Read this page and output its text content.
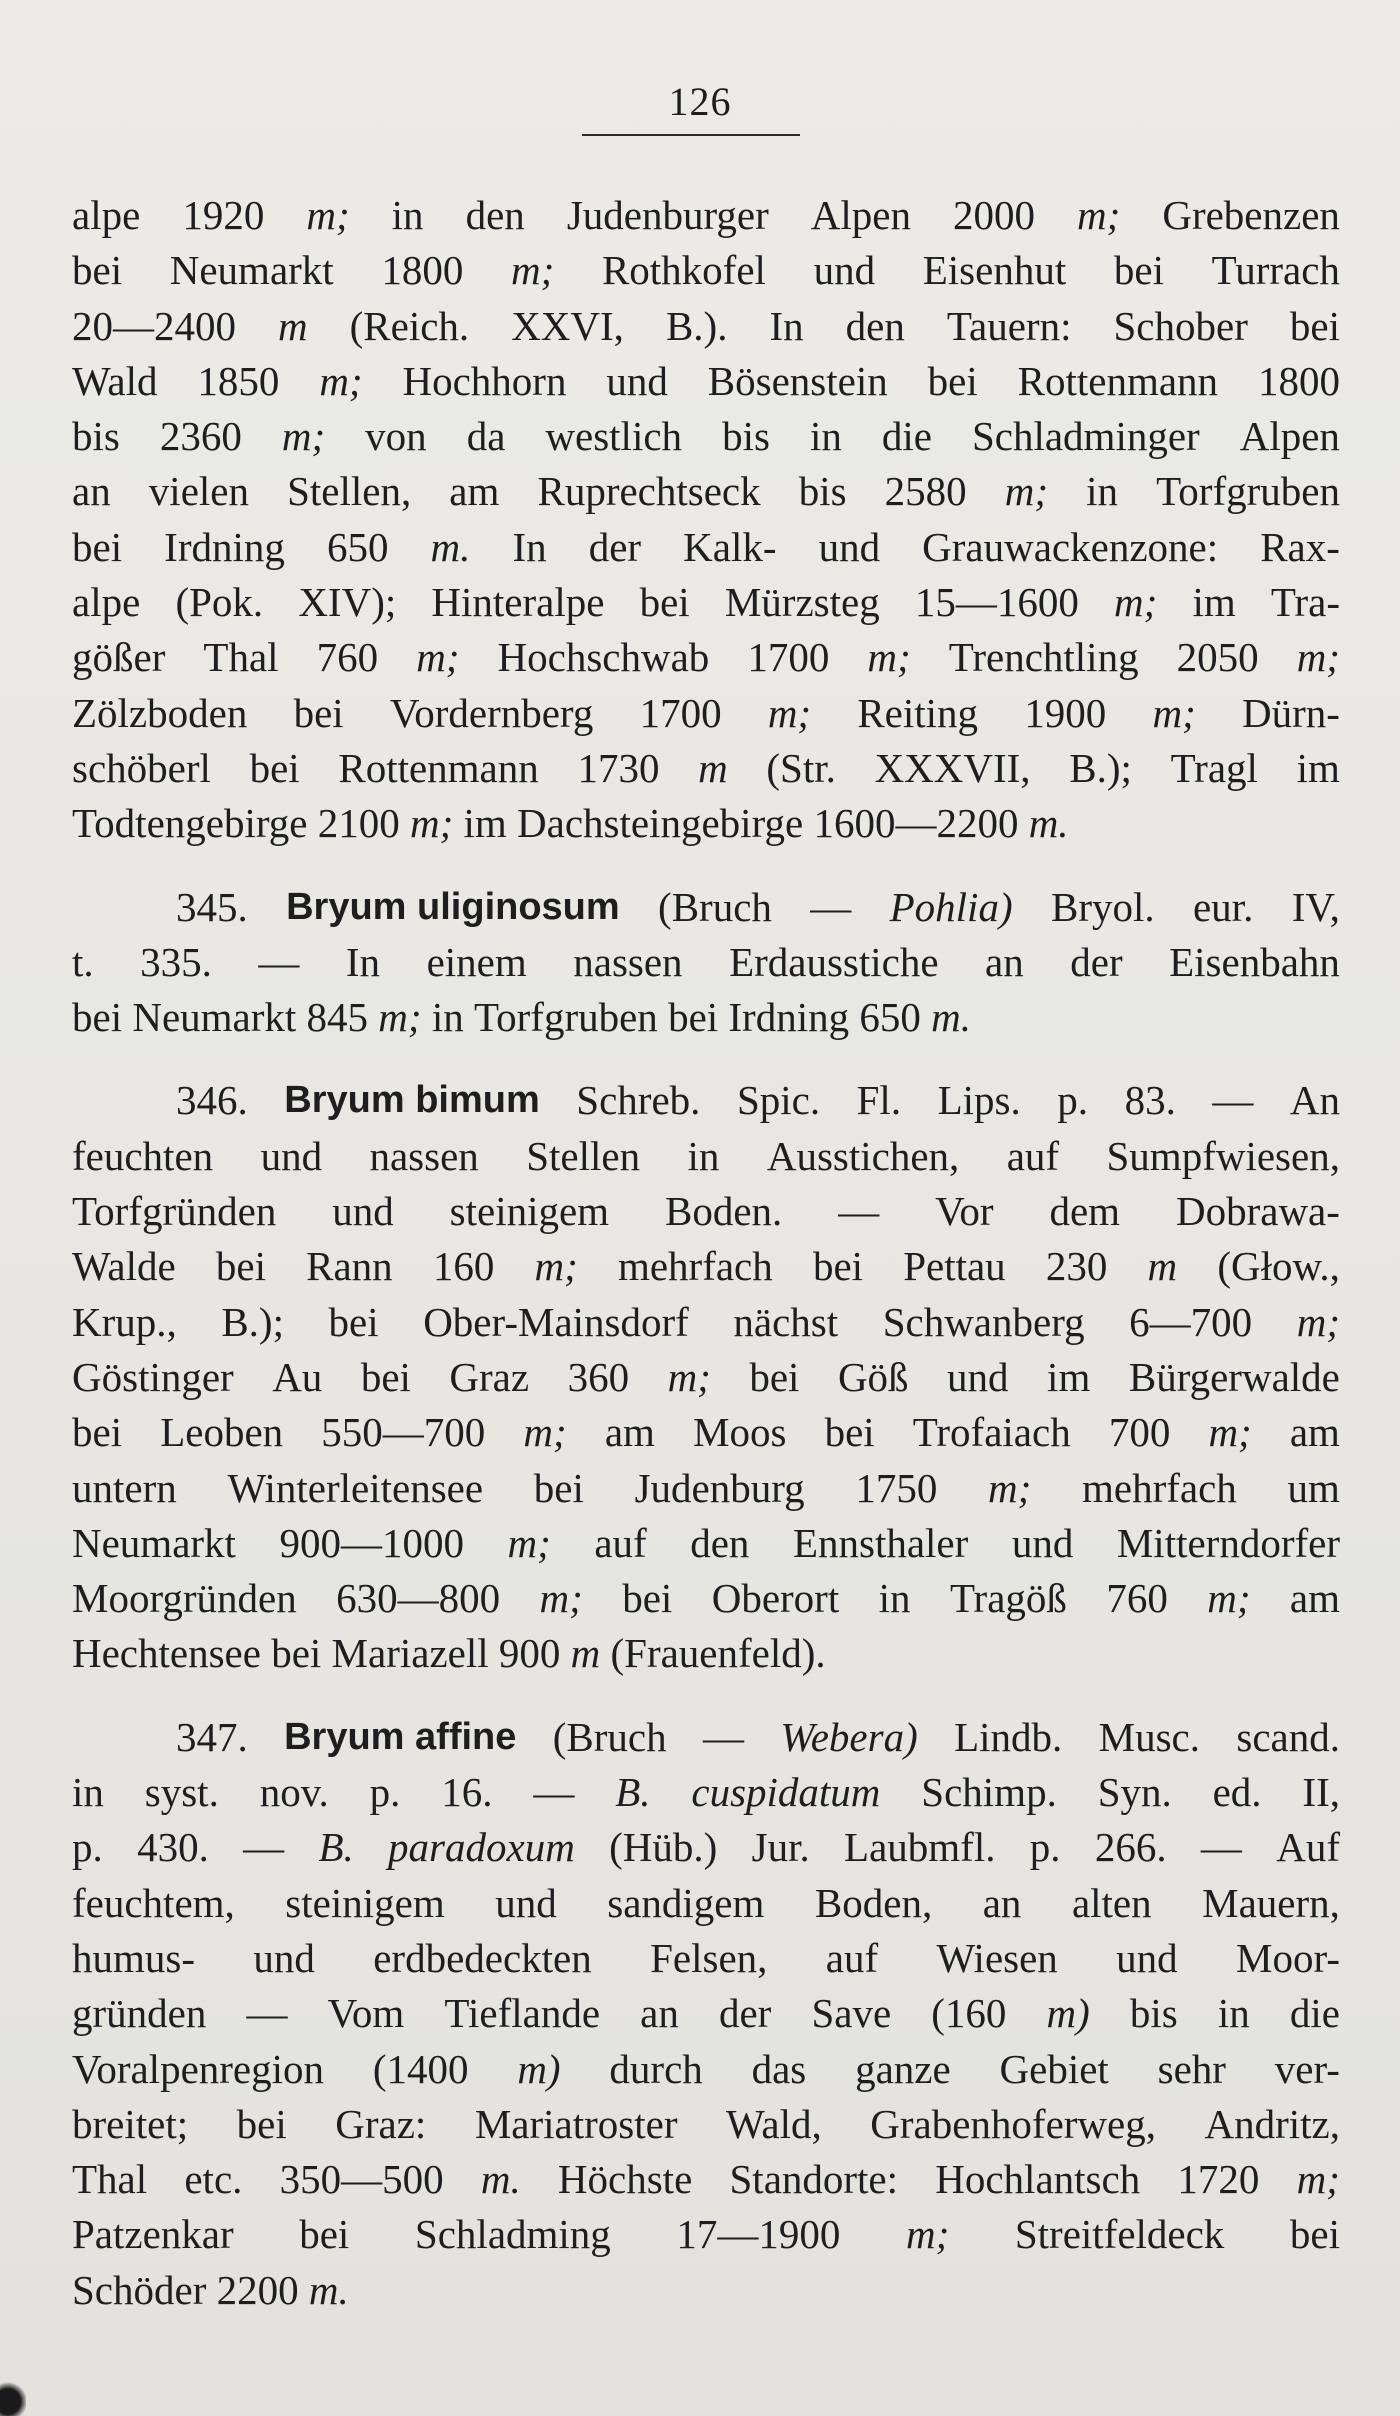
126
alpe 1920 m; in den Judenburger Alpen 2000 m; Grebenzen
bei Neumarkt 1800 m; Rothkofel und Eisenhut bei Turrach
20—2400 m (Reich. XXVI, B.). In den Tauern: Schober bei
Wald 1850 m; Hochhorn und Bösenstein bei Rottenmann 1800
bis 2360 m; von da westlich bis in die Schladminger Alpen
an vielen Stellen, am Ruprechtseck bis 2580 m; in Torfgruben
bei Irdning 650 m. In der Kalk- und Grauwackenzone: Rax-
alpe (Pok. XIV); Hinteralpe bei Mürzsteg 15—1600 m; im Tra-
gößer Thal 760 m; Hochschwab 1700 m; Trenchtling 2050 m;
Zölzboden bei Vordernberg 1700 m; Reiting 1900 m; Dürn-
schöberl bei Rottenmann 1730 m (Str. XXXVII, B.); Tragl im
Todtengebirge 2100 m; im Dachsteingebirge 1600—2200 m.
345. Bryum uliginosum (Bruch — Pohlia) Bryol. eur. IV,
t. 335. — In einem nassen Erdausstiche an der Eisenbahn
bei Neumarkt 845 m; in Torfgruben bei Irdning 650 m.
346. Bryum bimum Schreb. Spic. Fl. Lips. p. 83. — An
feuchten und nassen Stellen in Ausstichen, auf Sumpfwiesen,
Torfgründen und steinigem Boden. — Vor dem Dobrawa-
Walde bei Rann 160 m; mehrfach bei Pettau 230 m (Głow.,
Krup., B.); bei Ober-Mainsdorf nächst Schwanberg 6—700 m;
Göstinger Au bei Graz 360 m; bei Göß und im Bürgerwalde
bei Leoben 550—700 m; am Moos bei Trofaiach 700 m; am
untern Winterleitensee bei Judenburg 1750 m; mehrfach um
Neumarkt 900—1000 m; auf den Ennsthaler und Mitterndorfer
Moorgründen 630—800 m; bei Oberort in Tragöß 760 m; am
Hechtensee bei Mariazell 900 m (Frauenfeld).
347. Bryum affine (Bruch — Webera) Lindb. Musc. scand.
in syst. nov. p. 16. — B. cuspidatum Schimp. Syn. ed. II,
p. 430. — B. paradoxum (Hüb.) Jur. Laubmfl. p. 266. — Auf
feuchtem, steinigem und sandigem Boden, an alten Mauern,
humus- und erdbedeckten Felsen, auf Wiesen und Moor-
gründen — Vom Tieflande an der Save (160 m) bis in die
Voralpenregion (1400 m) durch das ganze Gebiet sehr ver-
breitet; bei Graz: Mariatroster Wald, Grabenhoferweg, Andritz,
Thal etc. 350—500 m. Höchste Standorte: Hochlantsch 1720 m;
Patzenkar bei Schladming 17—1900 m; Streitfeldeck bei
Schöder 2200 m.
